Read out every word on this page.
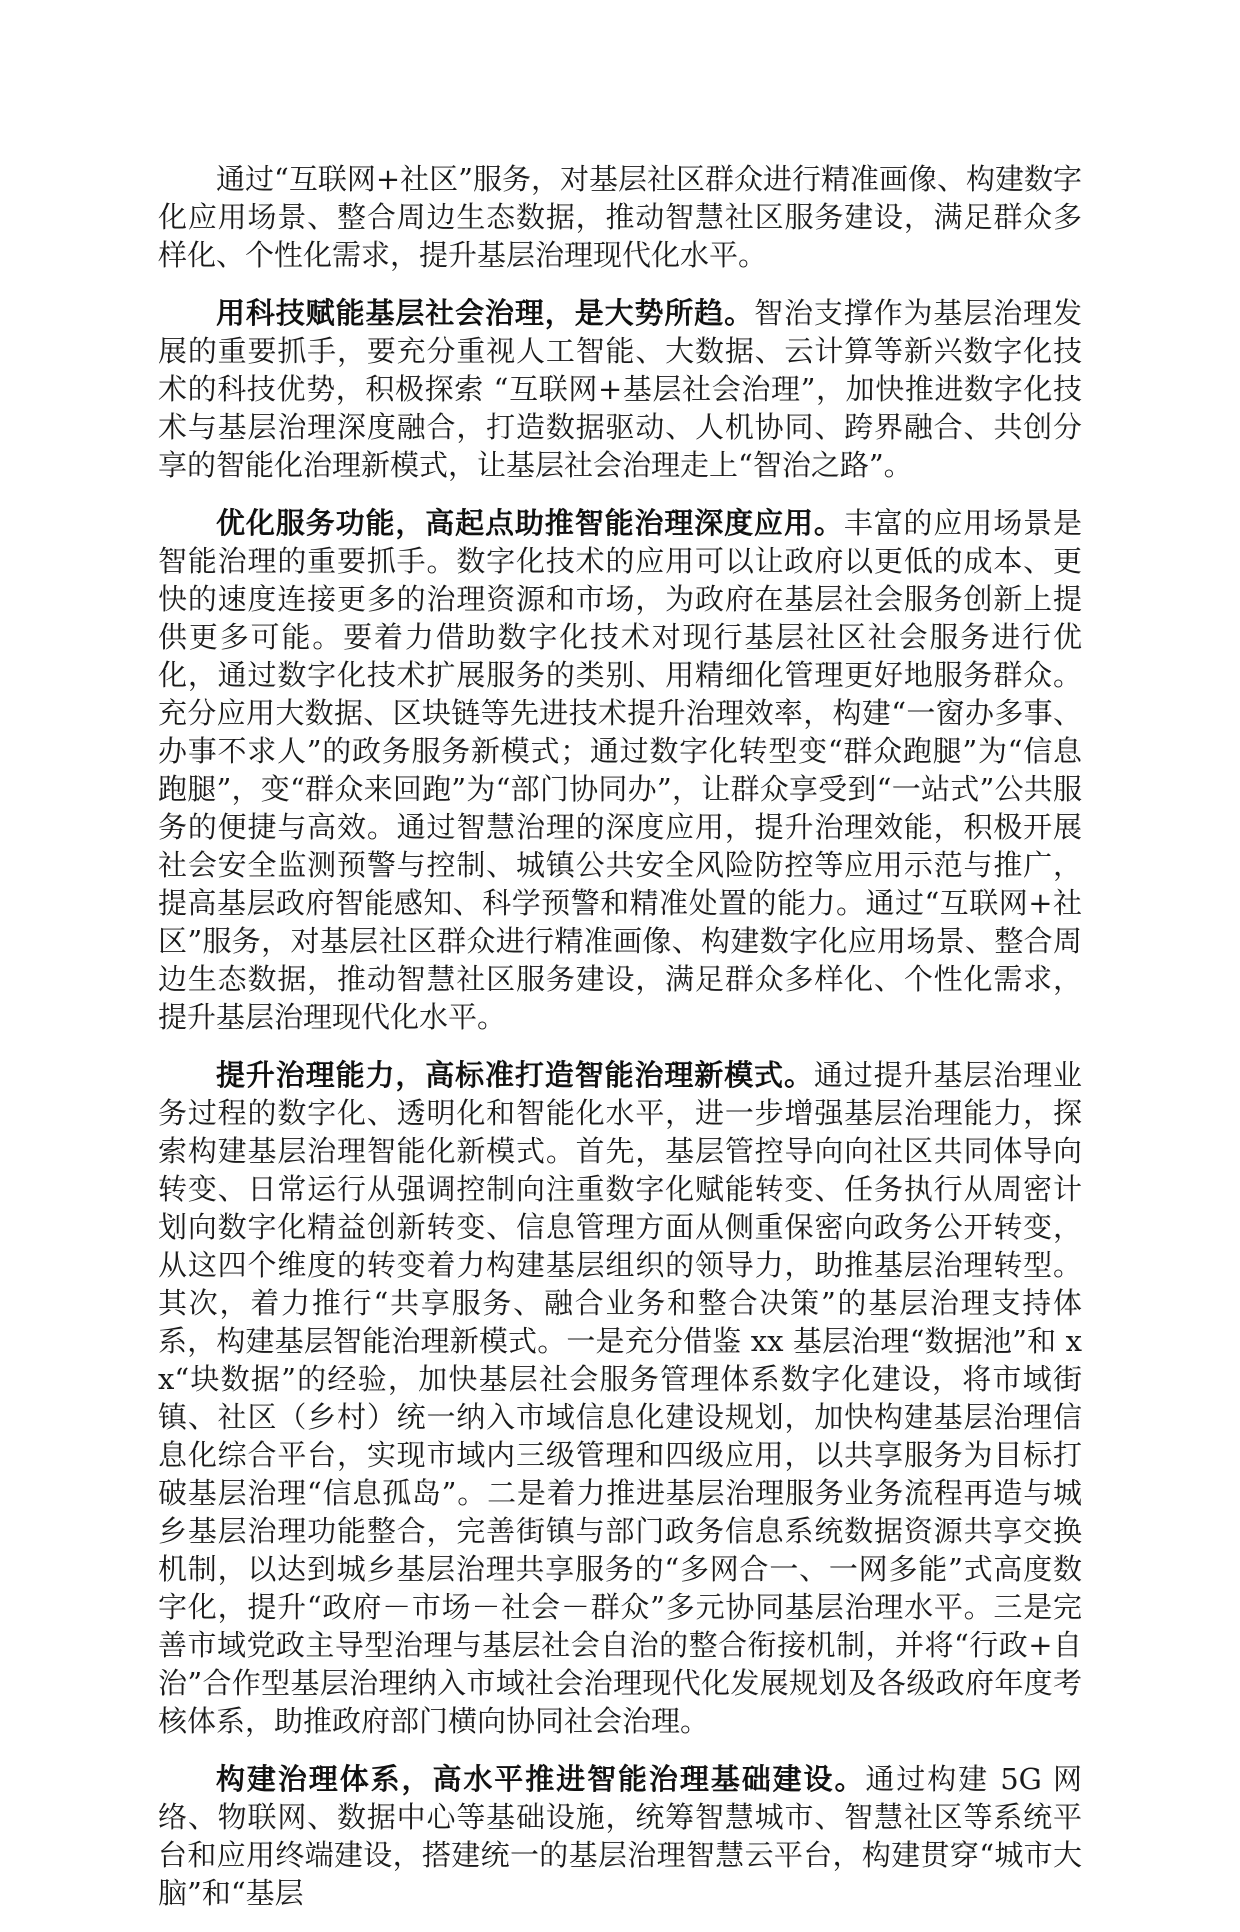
通过“互联网+社区”服务，对基层社区群众进行精准画像、构建数字化应用场景、整合周边生态数据，推动智慧社区服务建设，满足群众多样化、个性化需求，提升基层治理现代化水平。

用科技赋能基层社会治理，是大势所趋。智治支撑作为基层治理发展的重要抓手，要充分重视人工智能、大数据、云计算等新兴数字化技术的科技优势，积极探索 “互联网+基层社会治理”，加快推进数字化技术与基层治理深度融合，打造数据驱动、人机协同、跨界融合、共创分享的智能化治理新模式，让基层社会治理走上“智治之路”。

优化服务功能，高起点助推智能治理深度应用。丰富的应用场景是智能治理的重要抓手。数字化技术的应用可以让政府以更低的成本、更快的速度连接更多的治理资源和市场，为政府在基层社会服务创新上提供更多可能。要着力借助数字化技术对现行基层社区社会服务进行优化，通过数字化技术扩展服务的类别、用精细化管理更好地服务群众。充分应用大数据、区块链等先进技术提升治理效率，构建“一窗办多事、办事不求人”的政务服务新模式；通过数字化转型变“群众跑腿”为“信息跑腿”，变“群众来回跑”为“部门协同办”，让群众享受到“一站式”公共服务的便捷与高效。通过智慧治理的深度应用，提升治理效能，积极开展社会安全监测预警与控制、城镇公共安全风险防控等应用示范与推广，提高基层政府智能感知、科学预警和精准处置的能力。通过“互联网+社区”服务，对基层社区群众进行精准画像、构建数字化应用场景、整合周边生态数据，推动智慧社区服务建设，满足群众多样化、个性化需求，提升基层治理现代化水平。

提升治理能力，高标准打造智能治理新模式。通过提升基层治理业务过程的数字化、透明化和智能化水平，进一步增强基层治理能力，探索构建基层治理智能化新模式。首先，基层管控导向向社区共同体导向转变、日常运行从强调控制向注重数字化赋能转变、任务执行从周密计划向数字化精益创新转变、信息管理方面从侧重保密向政务公开转变，从这四个维度的转变着力构建基层组织的领导力，助推基层治理转型。其次，着力推行“共享服务、融合业务和整合决策”的基层治理支持体系，构建基层智能治理新模式。一是充分借鉴 xx 基层治理“数据池”和 xx“块数据”的经验，加快基层社会服务管理体系数字化建设，将市域街镇、社区（乡村）统一纳入市域信息化建设规划，加快构建基层治理信息化综合平台，实现市域内三级管理和四级应用，以共享服务为目标打破基层治理“信息孤岛”。二是着力推进基层治理服务业务流程再造与城乡基层治理功能整合，完善街镇与部门政务信息系统数据资源共享交换机制，以达到城乡基层治理共享服务的“多网合一、一网多能”式高度数字化，提升“政府－市场－社会－群众”多元协同基层治理水平。三是完善市域党政主导型治理与基层社会自治的整合衔接机制，并将“行政+自治”合作型基层治理纳入市域社会治理现代化发展规划及各级政府年度考核体系，助推政府部门横向协同社会治理。

构建治理体系，高水平推进智能治理基础建设。通过构建 5G 网络、物联网、数据中心等基础设施，统筹智慧城市、智慧社区等系统平台和应用终端建设，搭建统一的基层治理智慧云平台，构建贯穿“城市大脑”和“基层
